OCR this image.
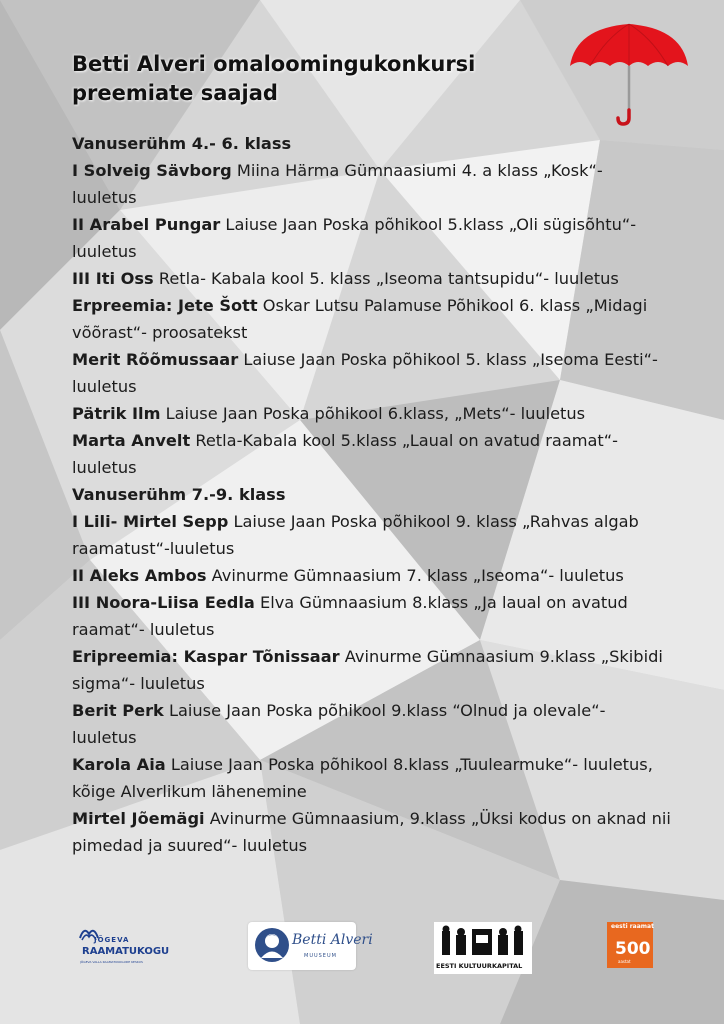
Betti Alveri omaloomingukonkursi
preemiate saajad

Vanuserühm 4.- 6. klass

I Solveig Sävborg Miina Härma Gümnaasiumi 4. a klass „Kosk“- luuletus

II Arabel Pungar Laiuse Jaan Poska põhikool 5.klass „Oli sügisõhtu“- luuletus

III Iti Oss Retla- Kabala kool 5. klass „Iseoma tantsupidu“- luuletus

Erpreemia: Jete Šott Oskar Lutsu Palamuse Põhikool 6. klass „Midagi võõrast“- proosatekst

Merit Rõõmussaar Laiuse Jaan Poska põhikool 5. klass „Iseoma Eesti“- luuletus

Pätrik Ilm Laiuse Jaan Poska põhikool 6.klass, „Mets“- luuletus

Marta Anvelt Retla-Kabala kool 5.klass „Laual on avatud raamat“- luuletus

Vanuserühm 7.-9. klass

I Lili- Mirtel Sepp Laiuse Jaan Poska põhikool 9. klass „Rahvas algab raamatust“-luuletus

II Aleks Ambos Avinurme Gümnaasium 7. klass „Iseoma“- luuletus

III Noora-Liisa Eedla Elva Gümnaasium 8.klass „Ja laual on avatud raamat“- luuletus

Eripreemia: Kaspar Tõnissaar Avinurme Gümnaasium 9.klass „Skibidi sigma“- luuletus

Berit Perk Laiuse Jaan Poska põhikool 9.klass “Olnud ja olevale“- luuletus

Karola Aia Laiuse Jaan Poska põhikool 8.klass „Tuulearmuke“- luuletus, kõige Alverlikum lähenemine

Mirtel Jõemägi Avinurme Gümnaasium, 9.klass „Üksi kodus on aknad nii pimedad ja suured“- luuletus

JÕGEVA
RAAMATUKOGU
JÕGEVA VALLA RAAMATUKOGUDE KESKUS
Betti Alveri
MUUSEUM
EESTI KULTUURKAPITAL
eesti raamat
500
aastat
